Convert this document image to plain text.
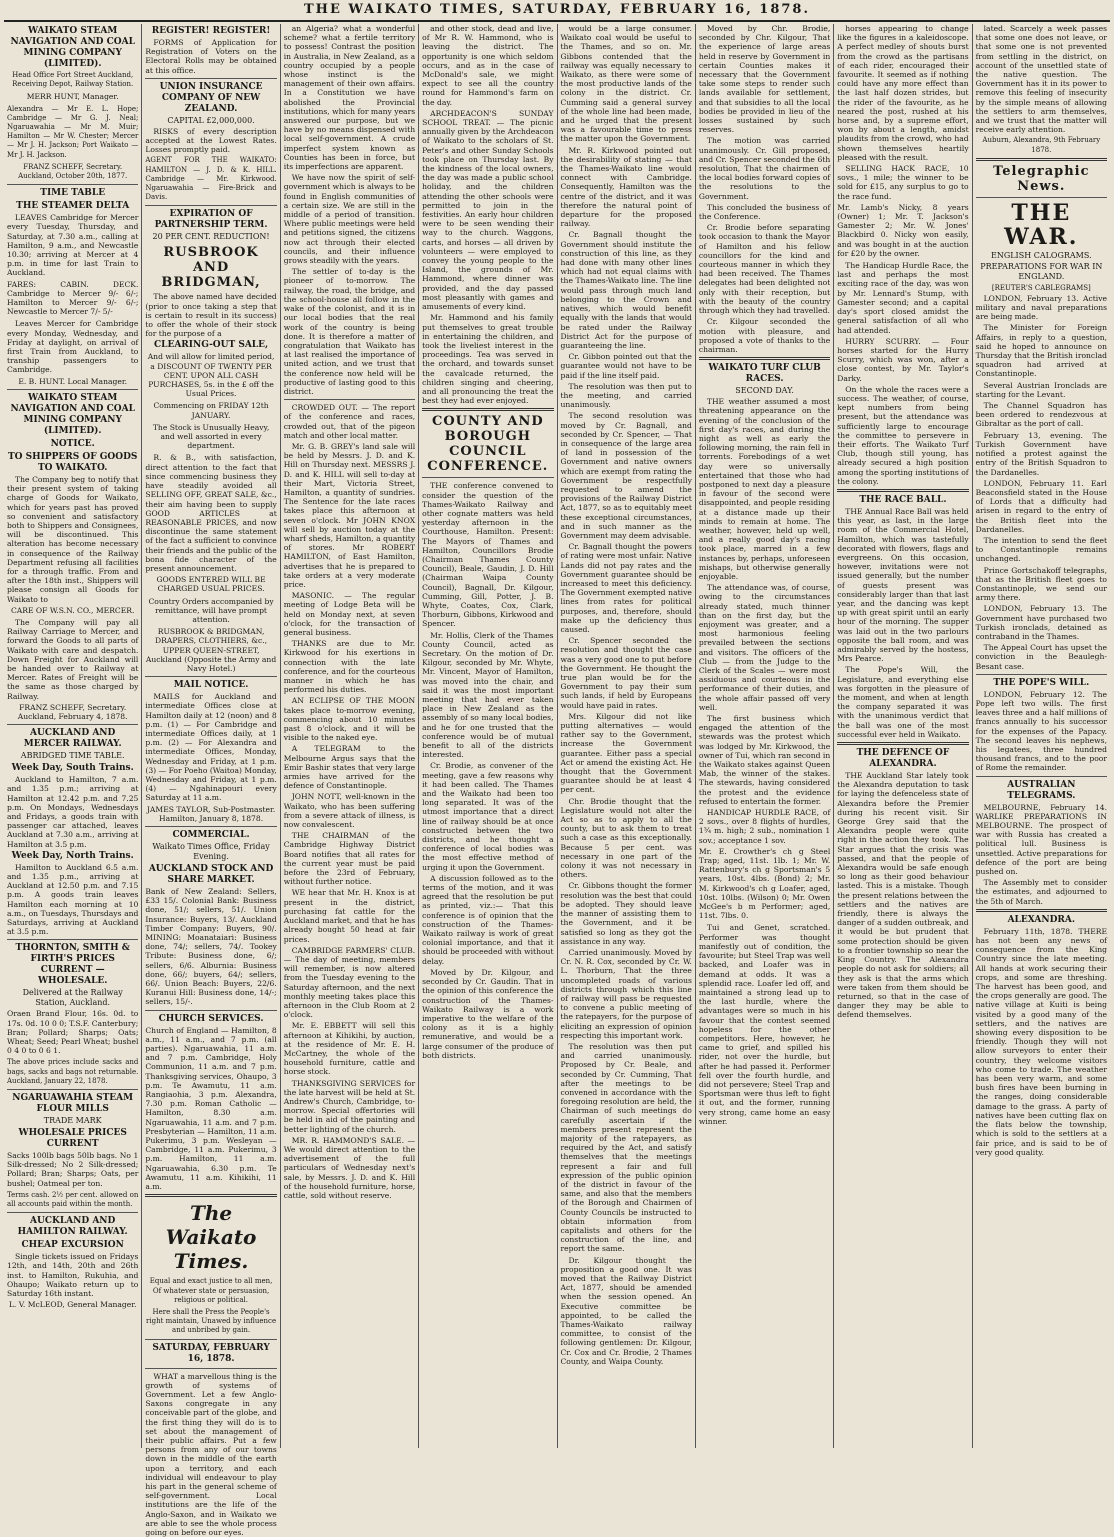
THE WAIKATO TIMES, SATURDAY, FEBRUARY 16, 1878.
WAIKATO STEAM NAVIGATION AND COAL MINING COMPANY (LIMITED).
Head Office Fort Street Auckland, Receiving Depot, Railway Station.
MERR HUNT, Manager.
Alexandra — Mr E. L. Hope; Cambridge — Mr G. J. Neal; Ngaruawahia — Mr M. Muir; Hamilton — Mr W. Chester; Mercer — Mr J. H. Jackson; Port Waikato — Mr J. H. Jackson.
FRANZ SCHEFF, Secretary. Auckland, October 20th, 1877.
TIME TABLE
THE STEAMER DELTA
LEAVES Cambridge for Mercer every Tuesday, Thursday, and Saturday, at 7.30 a.m., calling at Hamilton, 9 a.m., and Newcastle 10.30; arriving at Mercer at 4 p.m. in time for last Train to Auckland.
FARES: CABIN. DECK. Cambridge to Mercer 9/- 6/-; Hamilton to Mercer 9/- 6/-; Newcastle to Mercer 7/- 5/-
Leaves Mercer for Cambridge every Monday, Wednesday, and Friday at daylight, on arrival of first Train from Auckland, to tranship passengers to Cambridge.
E. B. HUNT. Local Manager.
WAIKATO STEAM NAVIGATION AND COAL MINING COMPANY (LIMITED).
NOTICE.
TO SHIPPERS OF GOODS TO WAIKATO.
The Company beg to notify that their present system of taking charge of Goods for Waikato, which for years past has proved so convenient and satisfactory both to Shippers and Consignees, will be discontinued. This alteration has become necessary in consequence of the Railway Department refusing all facilities for a through traffic. From and after the 18th inst., Shippers will please consign all Goods for Waikato to
CARE OF W.S.N. CO., MERCER.
The Company will pay all Railway Carriage to Mercer, and forward the Goods to all parts of Waikato with care and despatch. Down Freight for Auckland will be handed over to Railway at Mercer. Rates of Freight will be the same as those charged by Railway.
FRANZ SCHEFF, Secretary. Auckland, February 4, 1878.
AUCKLAND AND MERCER RAILWAY.
ABRIDGED TIME TABLE.
Week Day, South Trains.
Auckland to Hamilton, 7 a.m. and 1.35 p.m.; arriving at Hamilton at 12.42 p.m. and 7.25 p.m. On Mondays, Wednesdays and Fridays, a goods train with passenger car attached, leaves Auckland at 7.30 a.m., arriving at Hamilton at 3.5 p.m.
Week Day, North Trains.
Hamilton to Auckland 6.5 a.m. and 1.35 p.m., arriving at Auckland at 12.50 p.m. and 7.15 p.m. A goods train leaves Hamilton each morning at 10 a.m., on Tuesdays, Thursdays and Saturdays, arriving at Auckland at 3.5 p.m.
THORNTON, SMITH & FIRTH'S PRICES CURRENT — WHOLESALE.
Delivered at the Railway Station, Auckland.
Oraen Brand Flour, 16s. 0d. to 17s. 0d. 10 0 0; T.S.F. Canterbury; Bran; Pollard; Sharps; Oats; Wheat; Seed; Pearl Wheat; bushel 0 4 0 to 0 6 1.
The above prices include sacks and bags, sacks and bags not returnable. Auckland, January 22, 1878.
NGARUAWAHIA STEAM FLOUR MILLS
TRADE MARK
WHOLESALE PRICES CURRENT
Sacks 100lb bags 50lb bags. No 1 Silk-dressed; No 2 Silk-dressed; Pollard; Bran; Sharps; Oats, per bushel; Oatmeal per ton.
Terms cash. 2½ per cent. allowed on all accounts paid within the month.
AUCKLAND AND HAMILTON RAILWAY.
CHEAP EXCURSION
Single tickets issued on Fridays 12th, and 14th, 20th and 26th inst. to Hamilton, Rukuhia, and Ohaupo; Waikato return up to Saturday 16th instant.
L. V. McLEOD, General Manager.
REGISTER! REGISTER!
FORMS of Application for Registration of Voters on the Electoral Rolls may be obtained at this office.
UNION INSURANCE COMPANY OF NEW ZEALAND.
CAPITAL £2,000,000.
RISKS of every description accepted at the Lowest Rates. Losses promptly paid.
AGENT FOR THE WAIKATO: HAMILTON — J. D. & K. HILL. Cambridge — Mr. Kirkwood. Ngaruawahia — Fire-Brick and Davis.
EXPIRATION OF PARTNERSHIP TERM.
20 PER CENT. REDUCTION!
RUSBROOK AND BRIDGMAN,
The above named have decided (prior to once taking a step that is certain to result in its success) to offer the whole of their stock for the purpose of a
CLEARING-OUT SALE,
And will allow for limited period, a DISCOUNT OF TWENTY PER CENT. UPON ALL CASH PURCHASES, 5s. in the £ off the Usual Prices.
Commencing on FRIDAY 12th JANUARY.
The Stock is Unusually Heavy, and well assorted in every department.
R. & B., with satisfaction, direct attention to the fact that since commencing business they have steadily avoided all SELLING OFF, GREAT SALE, &c., their aim having been to supply GOOD ARTICLES at REASONABLE PRICES, and now discontinue the same statement of the fact a sufficient to convince their friends and the public of the bona fide character of the present announcement.
GOODS ENTERED WILL BE CHARGED USUAL PRICES.
Country Orders accompanied by remittance, will have prompt attention.
RUSBROOK & BRIDGMAN, DRAPERS, CLOTHIERS, &c., UPPER QUEEN-STREET, Auckland (Opposite the Army and Navy Hotel.)
MAIL NOTICE.
MAILS for Auckland and intermediate Offices close at Hamilton daily at 12 (noon) and 8 p.m. (1) — For Cambridge and intermediate Offices daily, at 1 p.m. (2) — For Alexandra and intermediate Offices, Monday, Wednesday and Friday, at 1 p.m. (3) — For Poeho (Waitoa) Monday, Wednesday and Friday, at 1 p.m. (4) — Ngahinapouri every Saturday at 11 a.m.
JAMES TAYLOR, Sub-Postmaster. Hamilton, January 8, 1878.
COMMERCIAL.
Waikato Times Office, Friday Evening.
AUCKLAND STOCK AND SHARE MARKET.
Bank of New Zealand: Sellers, £33 15/. Colonial Bank: Business done, 51/; sellers, 51/. Union Insurance: Buyers, 13/. Auckland Timber Company: Buyers, 90/. MINING: Moanataiari: Business done, 74/; sellers, 74/. Tookey Tribute: Business done, 6/; sellers, 6/6. Alburnia: Business done, 66/; buyers, 64/; sellers, 66/. Union Beach: Buyers, 22/6. Kuranui Hill: Business done, 14/-; sellers, 15/-.
CHURCH SERVICES.
Church of England — Hamilton, 8 a.m., 11 a.m., and 7 p.m. (all parties). Ngaruawahia, 11 a.m. and 7 p.m. Cambridge, Holy Communion, 11 a.m. and 7 p.m. Thanksgiving services, Ohaupo, 3 p.m. Te Awamutu, 11 a.m. Rangiaohia, 3 p.m. Alexandra, 7.30 p.m. Roman Catholic — Hamilton, 8.30 a.m. Ngaruawahia, 11 a.m. and 7 p.m. Presbyterian — Hamilton, 11 a.m. Pukerimu, 3 p.m. Wesleyan — Cambridge, 11 a.m. Pukerimu, 3 p.m. Hamilton, 11 a.m. Ngaruawahia, 6.30 p.m. Te Awamutu, 11 a.m. Kihikihi, 11 a.m.
The Waikato Times.
Equal and exact justice to all men, Of whatever state or persuasion, religious or political.
Here shall the Press the People's right maintain, Unawed by influence and unbribed by gain.
SATURDAY, FEBRUARY 16, 1878.
WHAT a marvellous thing is the growth of systems of Government. Let a few Anglo-Saxons congregate in any conceivable part of the globe, and the first thing they will do is to set about the management of their public affairs. Put a few persons from any of our towns down in the middle of the earth upon a territory, and each individual will endeavour to play his part in the general scheme of self-government. Local institutions are the life of the Anglo-Saxon, and in Waikato we are able to see the whole process going on before our eyes.
an Algeria? what a wonderful scheme? what a fertile territory to possess! Contrast the position in Australia, in New Zealand, as a country occupied by a people whose instinct is the management of their own affairs. In a Constitution we have abolished the Provincial institutions, which for many years answered our purpose, but we have by no means dispensed with local self-government. A crude imperfect system known as Counties has been in force, but its imperfections are apparent.
We have now the spirit of self-government which is always to be found in English communities of a certain size. We are still in the middle of a period of transition. Where public meetings were held and petitions signed, the citizens now act through their elected councils, and their influence grows steadily with the years.
The settler of to-day is the pioneer of to-morrow. The railway, the road, the bridge, and the school-house all follow in the wake of the colonist, and it is in our local bodies that the real work of the country is being done. It is therefore a matter of congratulation that Waikato has at last realised the importance of united action, and we trust that the conference now held will be productive of lasting good to this district.
CROWDED OUT. — The report of the conference and races, crowded out, that of the pigeon match and other local matter.
Mr. G. B. GREY's land sale will be held by Messrs. J. D. and K. Hill on Thursday next. MESSRS J. D. and K. HILL will sell to-day at their Mart, Victoria Street, Hamilton, a quantity of sundries. The Sentence for the late races takes place this afternoon at seven o'clock. Mr JOHN KNOX will sell by auction today at the wharf sheds, Hamilton, a quantity of stores. Mr ROBERT HAMILTON, of East Hamilton, advertises that he is prepared to take orders at a very moderate price.
MASONIC. — The regular meeting of Lodge Beta will be held on Monday next, at seven o'clock, for the transaction of general business.
THANKS are due to Mr. Kirkwood for his exertions in connection with the late conference, and for the courteous manner in which he has performed his duties.
AN ECLIPSE OF THE MOON takes place to-morrow evening, commencing about 10 minutes past 8 o'clock, and it will be visible to the naked eye.
A TELEGRAM to the Melbourne Argus says that the Emir Bashir states that very large armies have arrived for the defence of Constantinople.
JOHN NOTT, well-known in the Waikato, who has been suffering from a severe attack of illness, is now convalescent.
THE CHAIRMAN of the Cambridge Highway District Board notifies that all rates for the current year must be paid before the 23rd of February, without further notice.
WE hear that Mr. H. Knox is at present in the district, purchasing fat cattle for the Auckland market, and that he has already bought 50 head at fair prices.
CAMBRIDGE FARMERS' CLUB. — The day of meeting, members will remember, is now altered from the Tuesday evening to the Saturday afternoon, and the next monthly meeting takes place this afternoon in the Club Room at 2 o'clock.
Mr. E. EBBETT will sell this afternoon at Kihikihi, by auction, at the residence of Mr. E. H. McCartney, the whole of the household furniture, cattle and horse stock.
THANKSGIVING SERVICES for the late harvest will be held at St. Andrew's Church, Cambridge, to-morrow. Special offertories will be held in aid of the painting and better lighting of the church.
MR. R. HAMMOND'S SALE. — We would direct attention to the advertisement of the full particulars of Wednesday next's sale, by Messrs. J. D. and K. Hill of the household furniture, horse, cattle, sold without reserve.
and other stock, dead and live, of Mr R. W. Hammond, who is leaving the district. The opportunity is one which seldom occurs, and as in the case of McDonald's sale, we might expect to see all the country round for Hammond's farm on the day.
ARCHDEACON'S SUNDAY SCHOOL TREAT. — The picnic annually given by the Archdeacon of Waikato to the scholars of St. Peter's and other Sunday Schools took place on Thursday last. By the kindness of the local owners, the day was made a public school holiday, and the children attending the other schools were permitted to join in the festivities. An early hour children were to be seen wending their way to the church. Waggons, carts, and horses — all driven by volunteers — were employed to convey the young people to the Island, the grounds of Mr. Hammond, where dinner was provided, and the day passed most pleasantly with games and amusements of every kind.
Mr. Hammond and his family put themselves to great trouble in entertaining the children, and took the liveliest interest in the proceedings. Tea was served in the orchard, and towards sunset the cavalcade returned, the children singing and cheering, and all pronouncing the treat the best they had ever enjoyed.
COUNTY AND BOROUGH COUNCIL CONFERENCE.
THE conference convened to consider the question of the Thames-Waikato Railway and other cognate matters was held yesterday afternoon in the Courthouse, Hamilton. Present: The Mayors of Thames and Hamilton, Councillors Brodie (Chairman Thames County Council), Beale, Gaudin, J. D. Hill (Chairman Waipa County Council), Bagnall, Dr. Kilgour, Cumming, Gill, Potter, J. B. Whyte, Coates, Cox, Clark, Thorburn, Gibbons, Kirkwood and Spencer.
Mr. Hollis, Clerk of the Thames County Council, acted as Secretary. On the motion of Dr. Kilgour, seconded by Mr. Whyte, Mr. Vincent, Mayor of Hamilton, was moved into the chair, and said it was the most important meeting that had ever taken place in New Zealand as the assembly of so many local bodies, and he for one trusted that the conference would be of mutual benefit to all of the districts interested.
Cr. Brodie, as convener of the meeting, gave a few reasons why it had been called. The Thames and the Waikato had been too long separated. It was of the utmost importance that a direct line of railway should be at once constructed between the two districts, and he thought a conference of local bodies was the most effective method of urging it upon the Government.
A discussion followed as to the terms of the motion, and it was agreed that the resolution be put as printed, viz.:— That this conference is of opinion that the construction of the Thames-Waikato railway is work of great colonial importance, and that it should be proceeded with without delay.
Moved by Dr. Kilgour, and seconded by Cr. Gaudin. That in the opinion of this conference the construction of the Thames-Waikato Railway is a work imperative to the welfare of the colony as it is a highly remunerative, and would be a large consumer of the produce of both districts.
would be a large consumer. Waikato coal would be useful to the Thames, and so on. Mr. Gibbons contended that the railway was equally necessary to Waikato, as there were some of the most productive lands of the colony in the district. Cr. Cumming said a general survey of the whole line had been made, and he urged that the present was a favourable time to press the matter upon the Government.
Mr. R. Kirkwood pointed out the desirability of stating — that the Thames-Waikato line would connect with Cambridge. Consequently, Hamilton was the centre of the district, and it was therefore the natural point of departure for the proposed railway.
Cr. Bagnall thought the Government should institute the construction of this line, as they had done with many other lines which had not equal claims with the Thames-Waikato line. The line would pass through much land belonging to the Crown and natives, which would benefit equally with the lands that would be rated under the Railway District Act for the purpose of guaranteeing the line.
Cr. Gibbon pointed out that the guarantee would not have to be paid if the line itself paid.
The resolution was then put to the meeting, and carried unanimously.
The second resolution was moved by Cr. Bagnall, and seconded by Cr. Spencer, — That in consequence of the large area of land in possession of the Government and native owners which are exempt from rating the Government be respectfully requested to amend the provisions of the Railway District Act, 1877, so as to equitably meet these exceptional circumstances, and in such manner as the Government may deem advisable.
Cr. Bagnall thought the powers of rating were most unfair. Native Lands did not pay rates and the Government guarantee should be increased to meet this deficiency. The Government exempted native lines from rates for political purposes, and, therefore, should make up the deficiency thus caused.
Cr. Spencer seconded the resolution and thought the case was a very good one to put before the Government. He thought the true plan would be for the Government to pay their sum such lands, if held by Europeans would have paid in rates.
Mrs. Kilgour did not like putting alternatives — would rather say to the Government, increase the Government guarantee. Either pass a special Act or amend the existing Act. He thought that the Government guarantee should be at least 4 per cent.
Chr. Brodie thought that the Legislature would not alter the Act so as to apply to all the county, but to ask them to treat such a case as this exceptionally. Because 5 per cent. was necessary in one part of the colony it was not necessary in others.
Cr. Gibbons thought the former resolution was the best that could be adopted. They should leave the manner of assisting them to the Government, and it be satisfied so long as they got the assistance in any way.
Carried unanimously. Moved by Cr. N. R. Cox, seconded by Cr. W. L. Thorburn, That the three uncompleted roads of various districts through which this line of railway will pass be requested to convene a public meeting of the ratepayers, for the purpose of eliciting an expression of opinion respecting this important work.
The resolution was then put and carried unanimously. Proposed by Cr. Beale, and seconded by Cr. Cumming, That after the meetings to be convened in accordance with the foregoing resolution are held, the Chairman of such meetings do carefully ascertain if the members present represent the majority of the ratepayers, as required by the Act, and satisfy themselves that the meetings represent a fair and full expression of the public opinion of the district in favour of the same, and also that the members of the Borough and Chairmen of County Councils be instructed to obtain information from capitalists and others for the construction of the line, and report the same.
Dr. Kilgour thought the proposition a good one. It was moved that the Railway District Act, 1877, should be amended when the session opened. An Executive committee be appointed, to be called the Thames-Waikato railway committee, to consist of the following gentlemen: Dr. Kilgour, Cr. Cox and Cr. Brodie, 2 Thames County, and Waipa County.
Moved by Chr. Brodie, seconded by Chr. Kilgour, That the experience of large areas held in reserve by Government in certain Counties makes it necessary that the Government take some steps to render such lands available for settlement, and that subsidies to all the local bodies be provided in lieu of the losses sustained by such reserves.
The motion was carried unanimously. Cr. Gill proposed, and Cr. Spencer seconded the 6th resolution, That the chairmen of the local bodies forward copies of the resolutions to the Government.
This concluded the business of the Conference.
Cr. Brodie before separating took occasion to thank the Mayor of Hamilton and his fellow councillors for the kind and courteous manner in which they had been received. The Thames delegates had been delighted not only with their reception, but with the beauty of the country through which they had travelled.
Cr. Kilgour seconded the motion with pleasure, and proposed a vote of thanks to the chairman.
WAIKATO TURF CLUB RACES.
SECOND DAY.
THE weather assumed a most threatening appearance on the evening of the conclusion of the first day's races, and during the night as well as early the following morning, the rain fell in torrents. Forebodings of a wet day were so universally entertained that those who had postponed to next day a pleasure in favour of the second were disappointed, and people residing at a distance made up their minds to remain at home. The weather, however, held up well, and a really good day's racing took place, marred in a few instances by, perhaps, unforeseen mishaps, but otherwise generally enjoyable.
The attendance was, of course, owing to the circumstances already stated, much thinner than on the first day, but the enjoyment was greater, and a most harmonious feeling prevailed between the sections and visitors. The officers of the Club — from the Judge to the Clerk of the Scales — were most assiduous and courteous in the performance of their duties, and the whole affair passed off very well.
The first business which engaged the attention of the stewards was the protest which was lodged by Mr. Kirkwood, the owner of Tui, which ran second in the Waikato stakes against Queen Mab, the winner of the stakes. The stewards, having considered the protest and the evidence refused to entertain the former.
HANDICAP HURDLE RACE, of 2 sovs., over 8 flights of hurdles, 1¾ m. high; 2 sub., nomination 1 sov.; acceptance 1 sov.
Mr. E. Crowther's ch g Steel Trap; aged, 11st. 1lb. 1; Mr. W. Rattenbury's ch g Sportsman's 5 years, 10st. 4lbs. (Bond) 2; Mr. M. Kirkwood's ch g Loafer, aged, 10st. 10lbs. (Wilson) 0; Mr. Owen McGee's b m Performer; aged, 11st. 7lbs. 0.
Tui and Genet, scratched. Performer was thought manifestly out of condition, the favourite; but Steel Trap was well backed, and Loafer was in demand at odds. It was a splendid race. Loafer led off, and maintained a strong lead up to the last hurdle, where the advantages were so much in his favour that the contest seemed hopeless for the other competitors. Here, however, he came to grief, and spilled his rider, not over the hurdle, but after he had passed it. Performer fell over the fourth hurdle, and did not persevere; Steel Trap and Sportsman were thus left to fight it out, and the former, running very strong, came home an easy winner.
horses appearing to change like the figures in a kaleidoscope. A perfect medley of shouts burst from the crowd as the partisans of each rider, encouraged their favourite. It seemed as if nothing could have any more effect than the last half dozen strides, but the rider of the favourite, as he neared the post, rushed at his horse and, by a supreme effort, won by about a length, amidst plaudits from the crowd, who had shown themselves heartily pleased with the result.
SELLING HACK RACE, 10 sovs., 1 mile; the winner to be sold for £15, any surplus to go to the race fund.
Mr. Lamb's Nicky, 8 years (Owner) 1; Mr. T. Jackson's Gamester 2; Mr. W. Jones' Blackbird 0. Nicky won easily, and was bought in at the auction for £20 by the owner.
The Handicap Hurdle Race, the last and perhaps the most exciting race of the day, was won by Mr. Lennard's Stump, with Gamester second; and a capital day's sport closed amidst the general satisfaction of all who had attended.
HURRY SCURRY. — Four horses started for the Hurry Scurry, which was won, after a close contest, by Mr. Taylor's Darky.
On the whole the races were a success. The weather, of course, kept numbers from being present, but the attendance was sufficiently large to encourage the committee to persevere in their efforts. The Waikato Turf Club, though still young, has already secured a high position among the sporting institutions of the colony.
THE RACE BALL.
THE Annual Race Ball was held this year, as last, in the large room of the Commercial Hotel, Hamilton, which was tastefully decorated with flowers, flags and evergreens. On this occasion, however, invitations were not issued generally, but the number of guests present was considerably larger than that last year, and the dancing was kept up with great spirit until an early hour of the morning. The supper was laid out in the two parlours opposite the ball room, and was admirably served by the hostess, Mrs Pearce.
The Pope's Will, the Legislature, and everything else was forgotten in the pleasure of the moment, and when at length the company separated it was with the unanimous verdict that the ball was one of the most successful ever held in Waikato.
THE DEFENCE OF ALEXANDRA.
THE Auckland Star lately took the Alexandra deputation to task for laying the defenceless state of Alexandra before the Premier during his recent visit. Sir George Grey said that the Alexandra people were quite right in the action they took. The Star argues that the crisis was passed, and that the people of Alexandra would be safe enough so long as their good behaviour lasted. This is a mistake. Though the present relations between the settlers and the natives are friendly, there is always the danger of a sudden outbreak, and it would be but prudent that some protection should be given to a frontier township so near the King Country. The Alexandra people do not ask for soldiers; all they ask is that the arms which were taken from them should be returned, so that in the case of danger they may be able to defend themselves.
lated. Scarcely a week passes that some one does not leave, or that some one is not prevented from settling in the district, on account of the unsettled state of the native question. The Government has it in its power to remove this feeling of insecurity by the simple means of allowing the settlers to arm themselves, and we trust that the matter will receive early attention.
Auburn, Alexandra, 9th February 1878.
Telegraphic News.
THE WAR.
ENGLISH CALOGRAMS.
PREPARATIONS FOR WAR IN ENGLAND.
[REUTER'S CABLEGRAMS]
LONDON, February 13. Active military and naval preparations are being made.
The Minister for Foreign Affairs, in reply to a question, said he hoped to announce on Thursday that the British ironclad squadron had arrived at Constantinople.
Several Austrian Ironclads are starting for the Levant.
The Channel Squadron has been ordered to rendezvous at Gibraltar as the port of call.
February 13, evening. The Turkish Government have notified a protest against the entry of the British Squadron to the Dardanelles.
LONDON, February 11. Earl Beaconsfield stated in the House of Lords that a difficulty had arisen in regard to the entry of the British fleet into the Dardanelles.
The intention to send the fleet to Constantinople remains unchanged.
Prince Gortschakoff telegraphs, that as the British fleet goes to Constantinople, we send our army there.
LONDON, February 13. The Government have purchased two Turkish ironclads, detained as contraband in the Thames.
The Appeal Court has upset the conviction in the Beaulegh-Besant case.
THE POPE'S WILL.
LONDON, February 12. The Pope left two wills. The first leaves three and a half millions of francs annually to his successor for the expenses of the Papacy. The second leaves his nephews, his legatees, three hundred thousand francs, and to the poor of Rome the remainder.
AUSTRALIAN TELEGRAMS.
MELBOURNE, February 14. WARLIKE PREPARATIONS IN MELBOURNE. The prospect of war with Russia has created a political lull. Business is unsettled. Active preparations for defence of the port are being pushed on.
The Assembly met to consider the estimates, and adjourned to the 5th of March.
ALEXANDRA.
February 11th, 1878. THERE has not been any news of consequence from the King Country since the late meeting. All hands at work securing their crops, and some are threshing. The harvest has been good, and the crops generally are good. The native village at Kuiti is being visited by a good many of the settlers, and the natives are showing every disposition to be friendly. Though they will not allow surveyors to enter their country, they welcome visitors who come to trade. The weather has been very warm, and some bush fires have been burning in the ranges, doing considerable damage to the grass. A party of natives have been cutting flax on the flats below the township, which is sold to the settlers at a fair price, and is said to be of very good quality.
